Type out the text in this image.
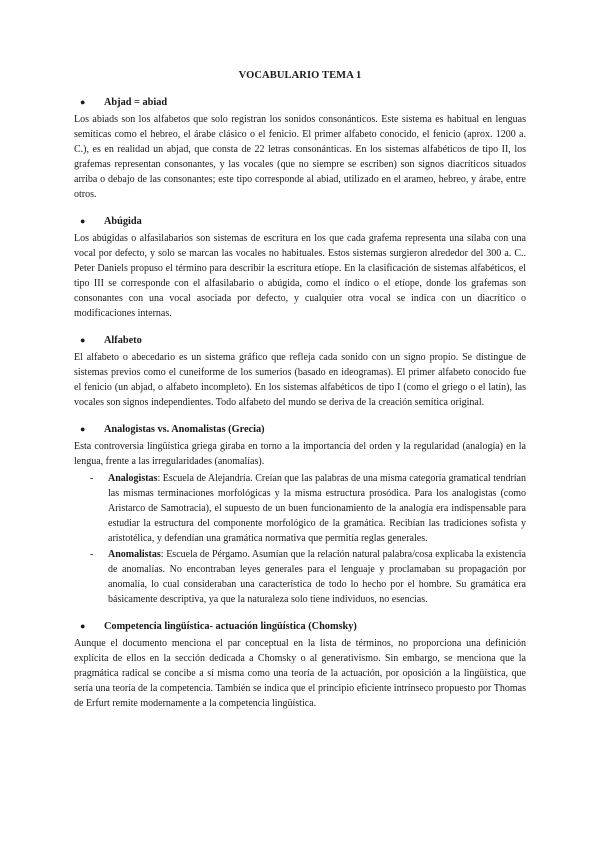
VOCABULARIO TEMA 1
● Abjad = abiad

Los abiads son los alfabetos que solo registran los sonidos consonánticos. Este sistema es habitual en lenguas semíticas como el hebreo, el árabe clásico o el fenicio. El primer alfabeto conocido, el fenicio (aprox. 1200 a. C.), es en realidad un abjad, que consta de 22 letras consonánticas. En los sistemas alfabéticos de tipo II, los grafemas representan consonantes, y las vocales (que no siempre se escriben) son signos diacríticos situados arriba o debajo de las consonantes; este tipo corresponde al abiad, utilizado en el arameo, hebreo, y árabe, entre otros.

● Abúgida

Los abúgidas o alfasilabarios son sistemas de escritura en los que cada grafema representa una sílaba con una vocal por defecto, y solo se marcan las vocales no habituales. Estos sistemas surgieron alrededor del 300 a. C.. Peter Daniels propuso el término para describir la escritura etíope. En la clasificación de sistemas alfabéticos, el tipo III se corresponde con el alfasilabario o abúgida, como el índico o el etíope, donde los grafemas son consonantes con una vocal asociada por defecto, y cualquier otra vocal se indica con un diacrítico o modificaciones internas.

● Alfabeto

El alfabeto o abecedario es un sistema gráfico que refleja cada sonido con un signo propio. Se distingue de sistemas previos como el cuneiforme de los sumerios (basado en ideogramas). El primer alfabeto conocido fue el fenicio (un abjad, o alfabeto incompleto). En los sistemas alfabéticos de tipo I (como el griego o el latín), las vocales son signos independientes. Todo alfabeto del mundo se deriva de la creación semítica original.

● Analogistas vs. Anomalistas (Grecia)

Esta controversia lingüística griega giraba en torno a la importancia del orden y la regularidad (analogía) en la lengua, frente a las irregularidades (anomalías).

- Analogistas: Escuela de Alejandría. Creían que las palabras de una misma categoría gramatical tendrían las mismas terminaciones morfológicas y la misma estructura prosódica. Para los analogistas (como Aristarco de Samotracia), el supuesto de un buen funcionamiento de la analogía era indispensable para estudiar la estructura del componente morfológico de la gramática. Recibían las tradiciones sofista y aristotélica, y defendían una gramática normativa que permitía reglas generales.
- Anomalistas: Escuela de Pérgamo. Asumían que la relación natural palabra/cosa explicaba la existencia de anomalías. No encontraban leyes generales para el lenguaje y proclamaban su propagación por anomalía, lo cual consideraban una característica de todo lo hecho por el hombre. Su gramática era básicamente descriptiva, ya que la naturaleza solo tiene individuos, no esencias.
● Competencia lingüística- actuación lingüística (Chomsky)

Aunque el documento menciona el par conceptual en la lista de términos, no proporciona una definición explícita de ellos en la sección dedicada a Chomsky o al generativismo. Sin embargo, se menciona que la pragmática radical se concibe a sí misma como una teoría de la actuación, por oposición a la lingüística, que sería una teoría de la competencia. También se indica que el principio eficiente intrínseco propuesto por Thomas de Erfurt remite modernamente a la competencia lingüística.
